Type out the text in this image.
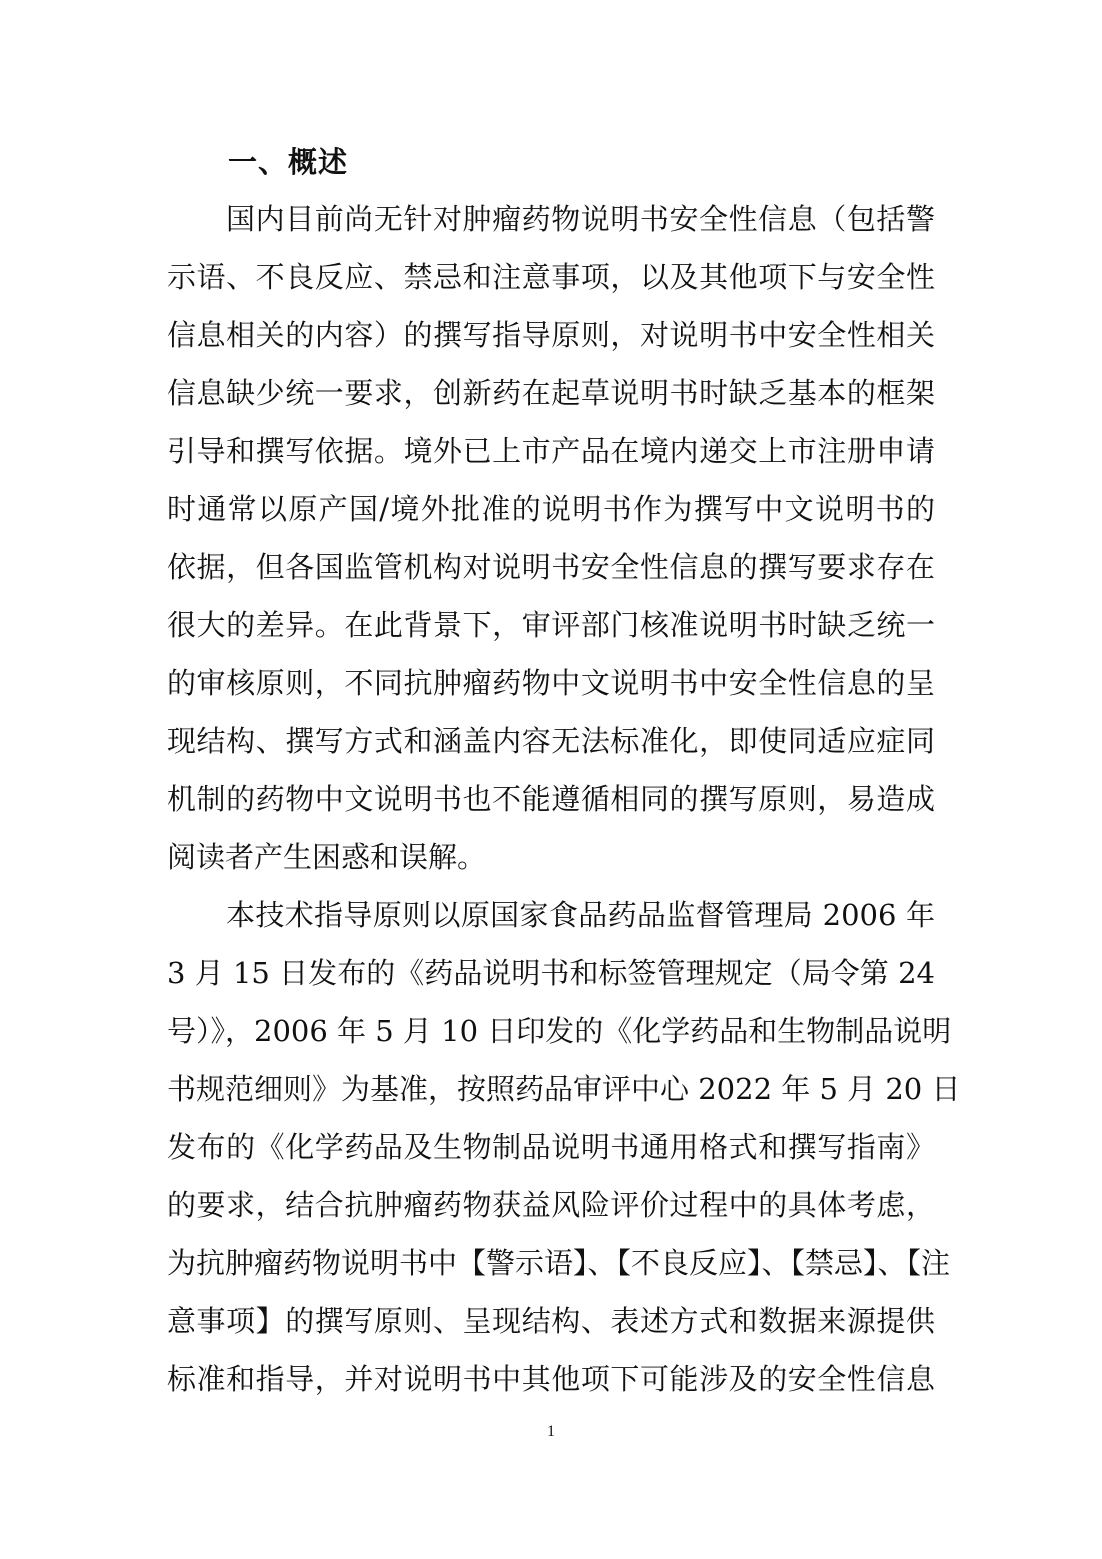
一、概述
国内目前尚无针对肿瘤药物说明书安全性信息（包括警
示语、不良反应、禁忌和注意事项，以及其他项下与安全性
信息相关的内容）的撰写指导原则，对说明书中安全性相关
信息缺少统一要求，创新药在起草说明书时缺乏基本的框架
引导和撰写依据。境外已上市产品在境内递交上市注册申请
时通常以原产国/境外批准的说明书作为撰写中文说明书的
依据，但各国监管机构对说明书安全性信息的撰写要求存在
很大的差异。在此背景下，审评部门核准说明书时缺乏统一
的审核原则，不同抗肿瘤药物中文说明书中安全性信息的呈
现结构、撰写方式和涵盖内容无法标准化，即使同适应症同
机制的药物中文说明书也不能遵循相同的撰写原则，易造成
阅读者产生困惑和误解。
本技术指导原则以原国家食品药品监督管理局 2006 年
3 月 15 日发布的《药品说明书和标签管理规定（局令第 24
号）》，2006 年 5 月 10 日印发的《化学药品和生物制品说明
书规范细则》为基准，按照药品审评中心 2022 年 5 月 20 日
发布的《化学药品及生物制品说明书通用格式和撰写指南》
的要求，结合抗肿瘤药物获益风险评价过程中的具体考虑，
为抗肿瘤药物说明书中【警示语】、【不良反应】、【禁忌】、【注
意事项】的撰写原则、呈现结构、表述方式和数据来源提供
标准和指导，并对说明书中其他项下可能涉及的安全性信息
1
